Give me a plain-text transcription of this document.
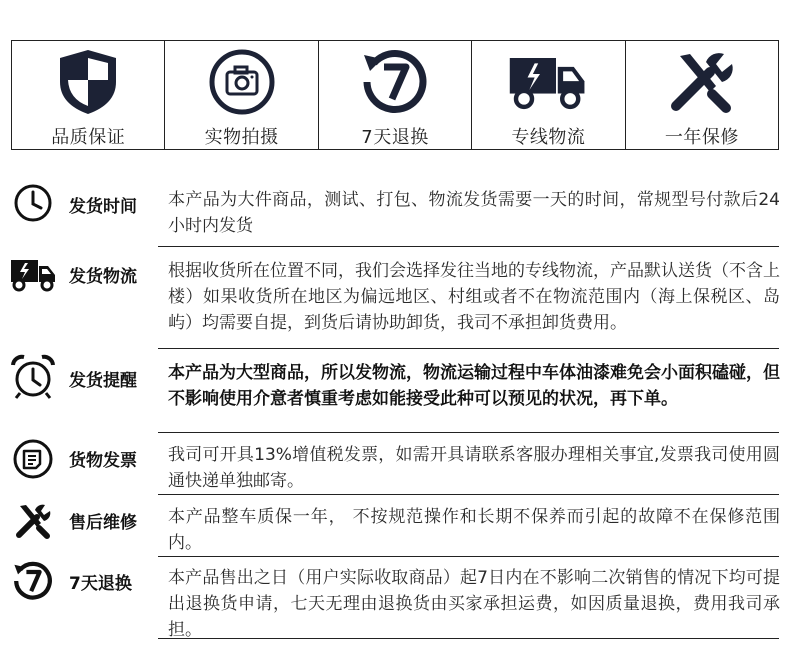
品质保证	实物拍摄	7天退换	专线物流	一年保修
发货时间 本产品为大件商品，测试、打包、物流发货需要一天的时间，常规型号付款后24小时内发货
发货物流 根据收货所在位置不同，我们会选择发往当地的专线物流，产品默认送货（不含上楼）如果收货所在地区为偏远地区、村组或者不在物流范围内（海上保税区、岛屿）均需要自提，到货后请协助卸货，我司不承担卸货费用。
发货提醒 本产品为大型商品，所以发物流，物流运输过程中车体油漆难免会小面积磕碰，但不影响使用介意者慎重考虑如能接受此种可以预见的状况，再下单。
货物发票 我司可开具13%增值税发票，如需开具请联系客服办理相关事宜,发票我司使用圆通快递单独邮寄。
售后维修 本产品整车质保一年， 不按规范操作和长期不保养而引起的故障不在保修范围内。
7天退换 本产品售出之日（用户实际收取商品）起7日内在不影响二次销售的情况下均可提出退换货申请，七天无理由退换货由买家承担运费，如因质量退换，费用我司承担。
